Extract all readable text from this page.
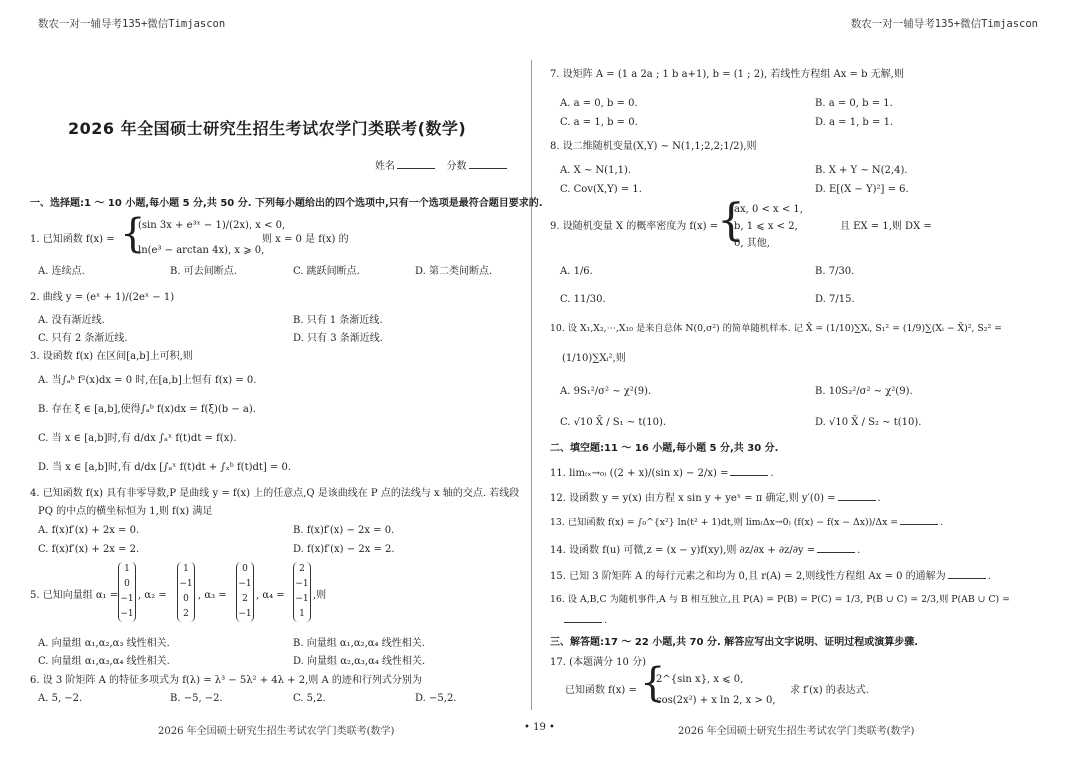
数农一对一辅导考135+微信Timjascon	数农一对一辅导考135+微信Timjascon
2026 年全国硕士研究生招生考试农学门类联考(数学)
姓名	分数
一、选择题:1 ～ 10 小题,每小题 5 分,共 50 分. 下列每小题给出的四个选项中,只有一个选项是最符合题目要求的.
1. 已知函数 f(x) = {
(sin 3x + e³ˣ − 1)/(2x), x < 0,
ln(e³ − arctan 4x), x ⩾ 0,
则 x = 0 是 f(x) 的
A. 连续点.	B. 可去间断点.	C. 跳跃间断点.	D. 第二类间断点.
2. 曲线 y = (eˣ + 1)/(2eˣ − 1)
A. 没有渐近线.	B. 只有 1 条渐近线.
C. 只有 2 条渐近线.	D. 只有 3 条渐近线.
3. 设函数 f(x) 在区间[a,b]上可积,则
A. 当∫ₐᵇ f²(x)dx = 0 时,在[a,b]上恒有 f(x) = 0.
B. 存在 ξ ∈ [a,b],使得∫ₐᵇ f(x)dx = f(ξ)(b − a).
C. 当 x ∈ [a,b]时,有 d/dx ∫ₐˣ f(t)dt = f(x).
D. 当 x ∈ [a,b]时,有 d/dx [∫ₐˣ f(t)dt + ∫ₓᵇ f(t)dt] = 0.
4. 已知函数 f(x) 具有非零导数,P 是曲线 y = f(x) 上的任意点,Q 是该曲线在 P 点的法线与 x 轴的交点. 若线段
PQ 的中点的横坐标恒为 1,则 f(x) 满足
A. f(x)f′(x) + 2x = 0.	B. f(x)f′(x) − 2x = 0.
C. f(x)f′(x) + 2x = 2.	D. f(x)f′(x) − 2x = 2.
5. 已知向量组 α₁ =
1
0
−1
−1
, α₂ =
1
−1
0
2
, α₃ =
0
−1
2
−1
, α₄ =
2
−1
−1
1
,则
A. 向量组 α₁,α₂,α₃ 线性相关.	B. 向量组 α₁,α₂,α₄ 线性相关.
C. 向量组 α₁,α₃,α₄ 线性相关.	D. 向量组 α₂,α₃,α₄ 线性相关.
6. 设 3 阶矩阵 A 的特征多项式为 f(λ) = λ³ − 5λ² + 4λ + 2,则 A 的迹和行列式分别为
A. 5, −2.	B. −5, −2.	C. 5,2.	D. −5,2.
7. 设矩阵 A = (1 a 2a ; 1 b a+1), b = (1 ; 2), 若线性方程组 Ax = b 无解,则
A. a = 0, b = 0.	B. a = 0, b = 1.
C. a = 1, b = 0.	D. a = 1, b = 1.
8. 设二维随机变量(X,Y) ∼ N(1,1;2,2;1/2),则
A. X ∼ N(1,1).	B. X + Y ∼ N(2,4).
C. Cov(X,Y) = 1.	D. E[(X − Y)²] = 6.
9. 设随机变量 X 的概率密度为 f(x) =
{
ax, 0 < x < 1,
b, 1 ⩽ x < 2,
0, 其他,
且 EX = 1,则 DX =
A. 1/6.	B. 7/30.
C. 11/30.	D. 7/15.
10. 设 X₁,X₂,⋯,X₁₀ 是来自总体 N(0,σ²) 的简单随机样本. 记 X̄ = (1/10)∑Xᵢ, S₁² = (1/9)∑(Xᵢ − X̄)², S₂² =
(1/10)∑Xᵢ²,则
A. 9S₁²/σ² ∼ χ²(9).	B. 10S₂²/σ² ∼ χ²(9).
C. √10 X̄ / S₁ ∼ t(10).	D. √10 X̄ / S₂ ∼ t(10).
二、填空题:11 ～ 16 小题,每小题 5 分,共 30 分.
11. lim₍ₓ→₀₎ ((2 + x)/(sin x) − 2/x) =	.
12. 设函数 y = y(x) 由方程 x sin y + yeˣ = π 确定,则 y′(0) =	.
13. 已知函数 f(x) = ∫₀^{x²} ln(t² + 1)dt,则 lim₍Δx→0₎ (f(x) − f(x − Δx))/Δx =	.
14. 设函数 f(u) 可微,z = (x − y)f(xy),则 ∂z/∂x + ∂z/∂y =	.
15. 已知 3 阶矩阵 A 的每行元素之和均为 0,且 r(A) = 2,则线性方程组 Ax = 0 的通解为	.
16. 设 A,B,C 为随机事件,A 与 B 相互独立,且 P(A) = P(B) = P(C) = 1/3, P(B ∪ C) = 2/3,则 P(AB ∪ C) =
.
三、解答题:17 ～ 22 小题,共 70 分. 解答应写出文字说明、证明过程或演算步骤.
17. (本题满分 10 分)
已知函数 f(x) = {
2^{sin x}, x ⩽ 0,
cos(2x²) + x ln 2, x > 0,
求 f′(x) 的表达式.
2026 年全国硕士研究生招生考试农学门类联考(数学)	• 19 •	2026 年全国硕士研究生招生考试农学门类联考(数学)
